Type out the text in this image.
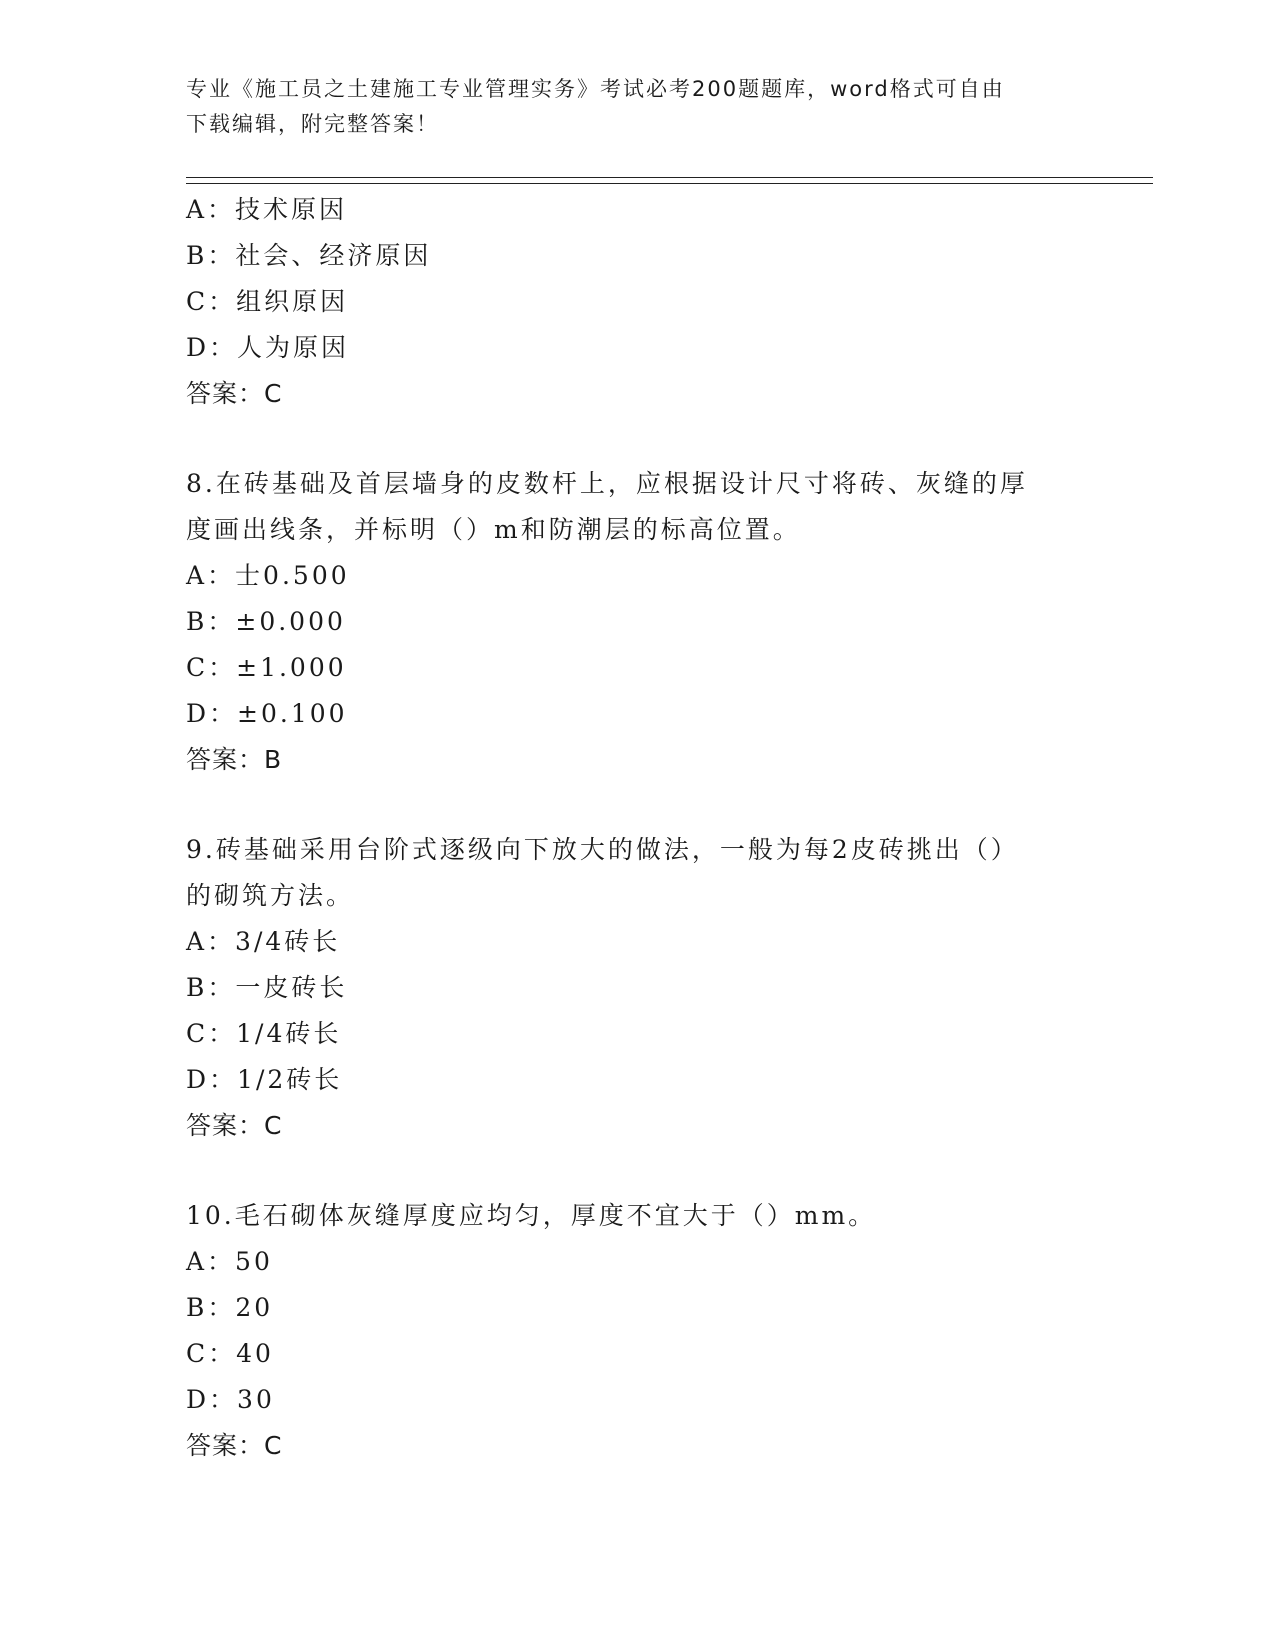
专业《施工员之土建施工专业管理实务》考试必考200题题库，word格式可自由
下载编辑，附完整答案！
A：技术原因
B：社会、经济原因
C：组织原因
D：人为原因
答案：C
8.在砖基础及首层墙身的皮数杆上，应根据设计尺寸将砖、灰缝的厚
度画出线条，并标明（）m和防潮层的标高位置。
A：士0.500
B：±0.000
C：±1.000
D：±0.100
答案：B
9.砖基础采用台阶式逐级向下放大的做法，一般为每2皮砖挑出（）
的砌筑方法。
A：3/4砖长
B：一皮砖长
C：1/4砖长
D：1/2砖长
答案：C
10.毛石砌体灰缝厚度应均匀，厚度不宜大于（）mm。
A：50
B：20
C：40
D：30
答案：C
